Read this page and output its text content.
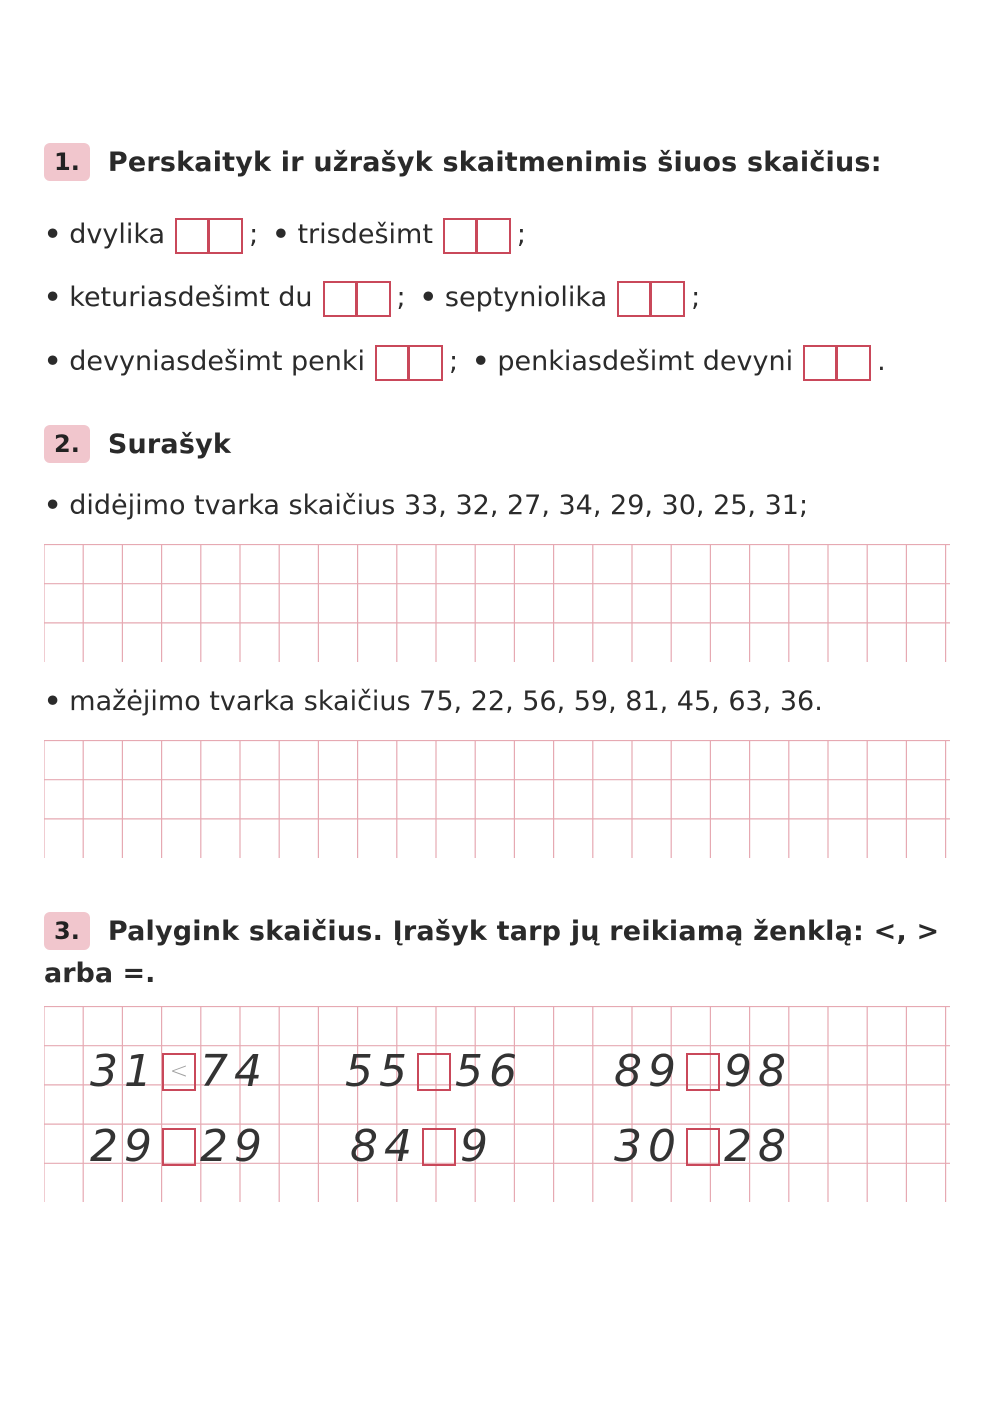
1.	Perskaityk ir užrašyk skaitmenimis šiuos skaičius:
• dvylika	; • trisdešimt	;
• keturiasdešimt du	; • septyniolika	;
• devyniasdešimt penki	; • penkiasdešimt devyni	.
2.	Surašyk
• didėjimo tvarka skaičius 33, 32, 27, 34, 29, 30, 25, 31;
• mažėjimo tvarka skaičius 75, 22, 56, 59, 81, 45, 63, 36.
3.	Palygink skaičius. Įrašyk tarp jų reikiamą ženklą: <, >
arba =.
31 < 74 55 56 89 98
29 29 84 9	30 28
